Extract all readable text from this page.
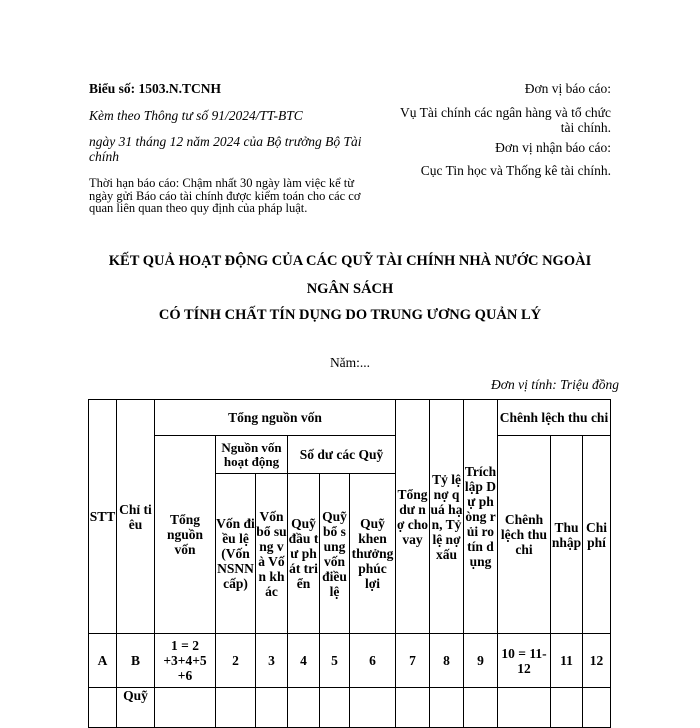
Biểu số: 1503.N.TCNH
Kèm theo Thông tư số 91/2024/TT-BTC
ngày 31 tháng 12 năm 2024 của Bộ trưởng Bộ Tài chính
Thời hạn báo cáo: Chậm nhất 30 ngày làm việc kể từ ngày gửi Báo cáo tài chính được kiểm toán cho các cơ quan liên quan theo quy định của pháp luật.
Đơn vị báo cáo:
Vụ Tài chính các ngân hàng và tổ chức tài chính.
Đơn vị nhận báo cáo:
Cục Tin học và Thống kê tài chính.
KẾT QUẢ HOẠT ĐỘNG CỦA CÁC QUỸ TÀI CHÍNH NHÀ NƯỚC NGOÀI
NGÂN SÁCH
CÓ TÍNH CHẤT TÍN DỤNG DO TRUNG ƯƠNG QUẢN LÝ
Năm:...
Đơn vị tính: Triệu đồng
STT	Chỉ tiêu	Tổng nguồn vốn						Tổng dư nợ cho vay	Tỷ lệ nợ quá hạn, Tỷ lệ nợ xấu	Trích lập Dự phòng rủi ro tín dụng	Chênh lệch thu chi		
		Tổng nguồn vốn	Nguồn vốn hoạt động		Số dư các Quỹ						Chênh lệch thu chi	Thu nhập	Chi phí
			Vốn điều lệ (Vốn NSNN cấp)	Vốn bổ sung và Vốn khác	Quỹ đầu tư phát triển	Quỹ bổ sung vốn điều lệ	Quỹ khen thưởng phúc lợi						

A	B	1 = 2 +3+4+5 +6	2	3	4	5	6	7	8	9	10 = 11-12	11	12
	Quỹ												
